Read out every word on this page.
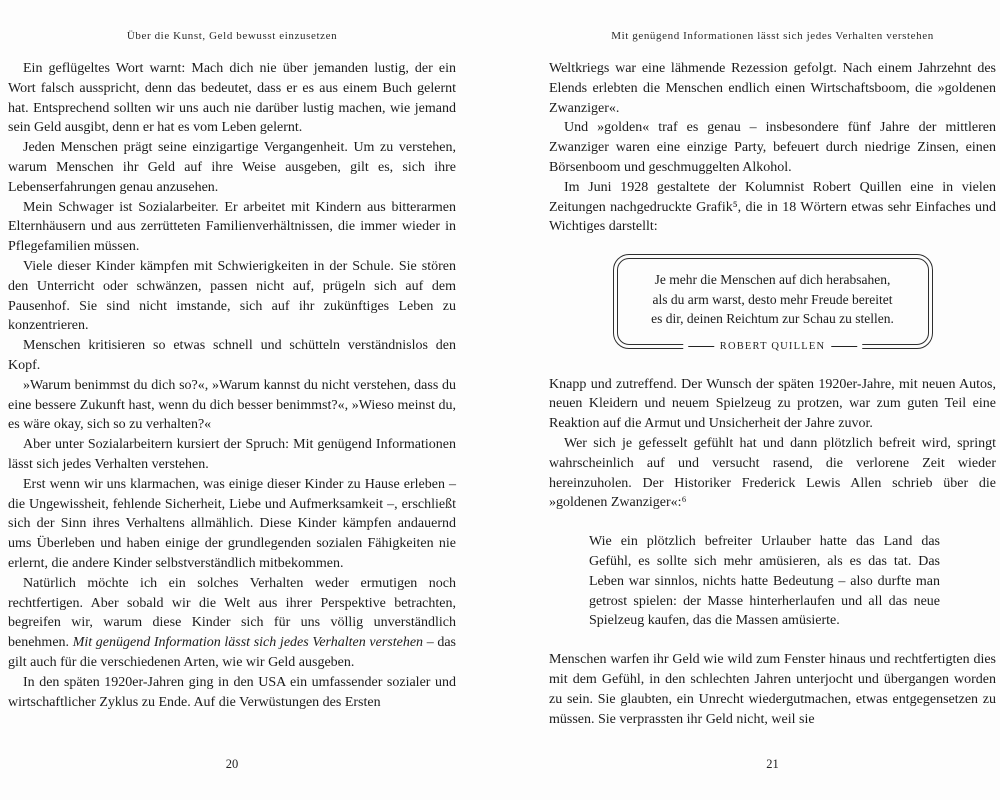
Über die Kunst, Geld bewusst einzusetzen

Ein geflügeltes Wort warnt: Mach dich nie über jemanden lustig, der ein Wort falsch ausspricht, denn das bedeutet, dass er es aus einem Buch gelernt hat. Entsprechend sollten wir uns auch nie darüber lustig machen, wie jemand sein Geld ausgibt, denn er hat es vom Leben gelernt.

Jeden Menschen prägt seine einzigartige Vergangenheit. Um zu verstehen, warum Menschen ihr Geld auf ihre Weise ausgeben, gilt es, sich ihre Lebenserfahrungen genau anzusehen.

Mein Schwager ist Sozialarbeiter. Er arbeitet mit Kindern aus bitterarmen Elternhäusern und aus zerrütteten Familienverhältnissen, die immer wieder in Pflegefamilien müssen.

Viele dieser Kinder kämpfen mit Schwierigkeiten in der Schule. Sie stören den Unterricht oder schwänzen, passen nicht auf, prügeln sich auf dem Pausenhof. Sie sind nicht imstande, sich auf ihr zukünftiges Leben zu konzentrieren.

Menschen kritisieren so etwas schnell und schütteln verständnislos den Kopf.

»Warum benimmst du dich so?«, »Warum kannst du nicht verstehen, dass du eine bessere Zukunft hast, wenn du dich besser benimmst?«, »Wieso meinst du, es wäre okay, sich so zu verhalten?«

Aber unter Sozialarbeitern kursiert der Spruch: Mit genügend Informationen lässt sich jedes Verhalten verstehen.

Erst wenn wir uns klarmachen, was einige dieser Kinder zu Hause erleben – die Ungewissheit, fehlende Sicherheit, Liebe und Aufmerksamkeit –, erschließt sich der Sinn ihres Verhaltens allmählich. Diese Kinder kämpfen andauernd ums Überleben und haben einige der grundlegenden sozialen Fähigkeiten nie erlernt, die andere Kinder selbstverständlich mitbekommen.

Natürlich möchte ich ein solches Verhalten weder ermutigen noch rechtfertigen. Aber sobald wir die Welt aus ihrer Perspektive betrachten, begreifen wir, warum diese Kinder sich für uns völlig unverständlich benehmen. Mit genügend Information lässt sich jedes Verhalten verstehen – das gilt auch für die verschiedenen Arten, wie wir Geld ausgeben.

In den späten 1920er-Jahren ging in den USA ein umfassender sozialer und wirtschaftlicher Zyklus zu Ende. Auf die Verwüstungen des Ersten

20
Mit genügend Informationen lässt sich jedes Verhalten verstehen

Weltkriegs war eine lähmende Rezession gefolgt. Nach einem Jahrzehnt des Elends erlebten die Menschen endlich einen Wirtschaftsboom, die »goldenen Zwanziger«.

Und »golden« traf es genau – insbesondere fünf Jahre der mittleren Zwanziger waren eine einzige Party, befeuert durch niedrige Zinsen, einen Börsenboom und geschmuggelten Alkohol.

Im Juni 1928 gestaltete der Kolumnist Robert Quillen eine in vielen Zeitungen nachgedruckte Grafik⁵, die in 18 Wörtern etwas sehr Einfaches und Wichtiges darstellt:

Je mehr die Menschen auf dich herabsahen,
als du arm warst, desto mehr Freude bereitet
es dir, deinen Reichtum zur Schau zu stellen.
ROBERT QUILLEN

Knapp und zutreffend. Der Wunsch der späten 1920er-Jahre, mit neuen Autos, neuen Kleidern und neuem Spielzeug zu protzen, war zum guten Teil eine Reaktion auf die Armut und Unsicherheit der Jahre zuvor.

Wer sich je gefesselt gefühlt hat und dann plötzlich befreit wird, springt wahrscheinlich auf und versucht rasend, die verlorene Zeit wieder hereinzuholen. Der Historiker Frederick Lewis Allen schrieb über die »goldenen Zwanziger«:⁶

Wie ein plötzlich befreiter Urlauber hatte das Land das Gefühl, es sollte sich mehr amüsieren, als es das tat. Das Leben war sinnlos, nichts hatte Bedeutung – also durfte man getrost spielen: der Masse hinterherlaufen und all das neue Spielzeug kaufen, das die Massen amüsierte.

Menschen warfen ihr Geld wie wild zum Fenster hinaus und rechtfertigten dies mit dem Gefühl, in den schlechten Jahren unterjocht und übergangen worden zu sein. Sie glaubten, ein Unrecht wiedergutmachen, etwas entgegensetzen zu müssen. Sie verprassten ihr Geld nicht, weil sie

21
